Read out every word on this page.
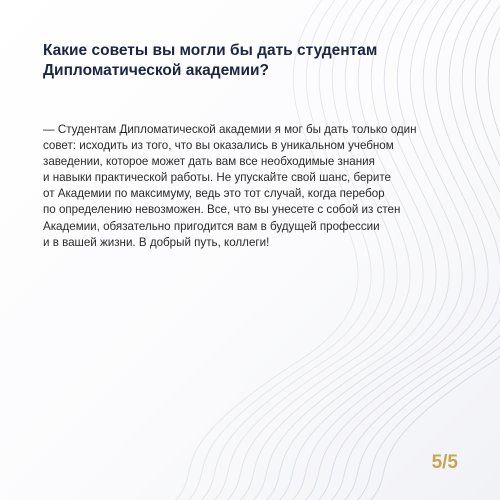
Какие советы вы могли бы дать студентам Дипломатической академии?

— Студентам Дипломатической академии я мог бы дать только один
совет: исходить из того, что вы оказались в уникальном учебном
заведении, которое может дать вам все необходимые знания
и навыки практической работы. Не упускайте свой шанс, берите
от Академии по максимуму, ведь это тот случай, когда перебор
по определению невозможен. Все, что вы унесете с собой из стен
Академии, обязательно пригодится вам в будущей профессии
и в вашей жизни. В добрый путь, коллеги!

5/5
